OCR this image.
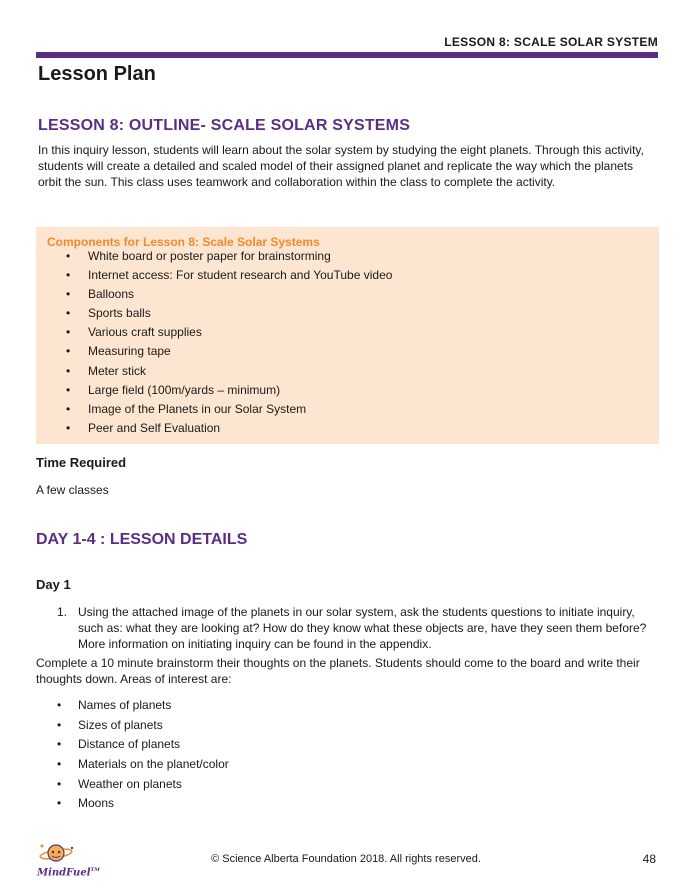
LESSON 8: SCALE SOLAR SYSTEM
Lesson Plan
LESSON 8: OUTLINE- SCALE SOLAR SYSTEMS
In this inquiry lesson, students will learn about the solar system by studying the eight planets. Through this activity, students will create a detailed and scaled model of their assigned planet and replicate the way which the planets orbit the sun. This class uses teamwork and collaboration within the class to complete the activity.
Components for Lesson 8: Scale Solar Systems
• White board or poster paper for brainstorming
• Internet access: For student research and YouTube video
• Balloons
• Sports balls
• Various craft supplies
• Measuring tape
• Meter stick
• Large field (100m/yards – minimum)
• Image of the Planets in our Solar System
• Peer and Self Evaluation
Time Required
A few classes
DAY 1-4 : LESSON DETAILS
Day 1
1. Using the attached image of the planets in our solar system, ask the students questions to initiate inquiry, such as: what they are looking at? How do they know what these objects are, have they seen them before? More information on initiating inquiry can be found in the appendix.
Complete a 10 minute brainstorm their thoughts on the planets. Students should come to the board and write their thoughts down. Areas of interest are:
• Names of planets
• Sizes of planets
• Distance of planets
• Materials on the planet/color
• Weather on planets
• Moons
MindFuel™
© Science Alberta Foundation 2018. All rights reserved.	48
